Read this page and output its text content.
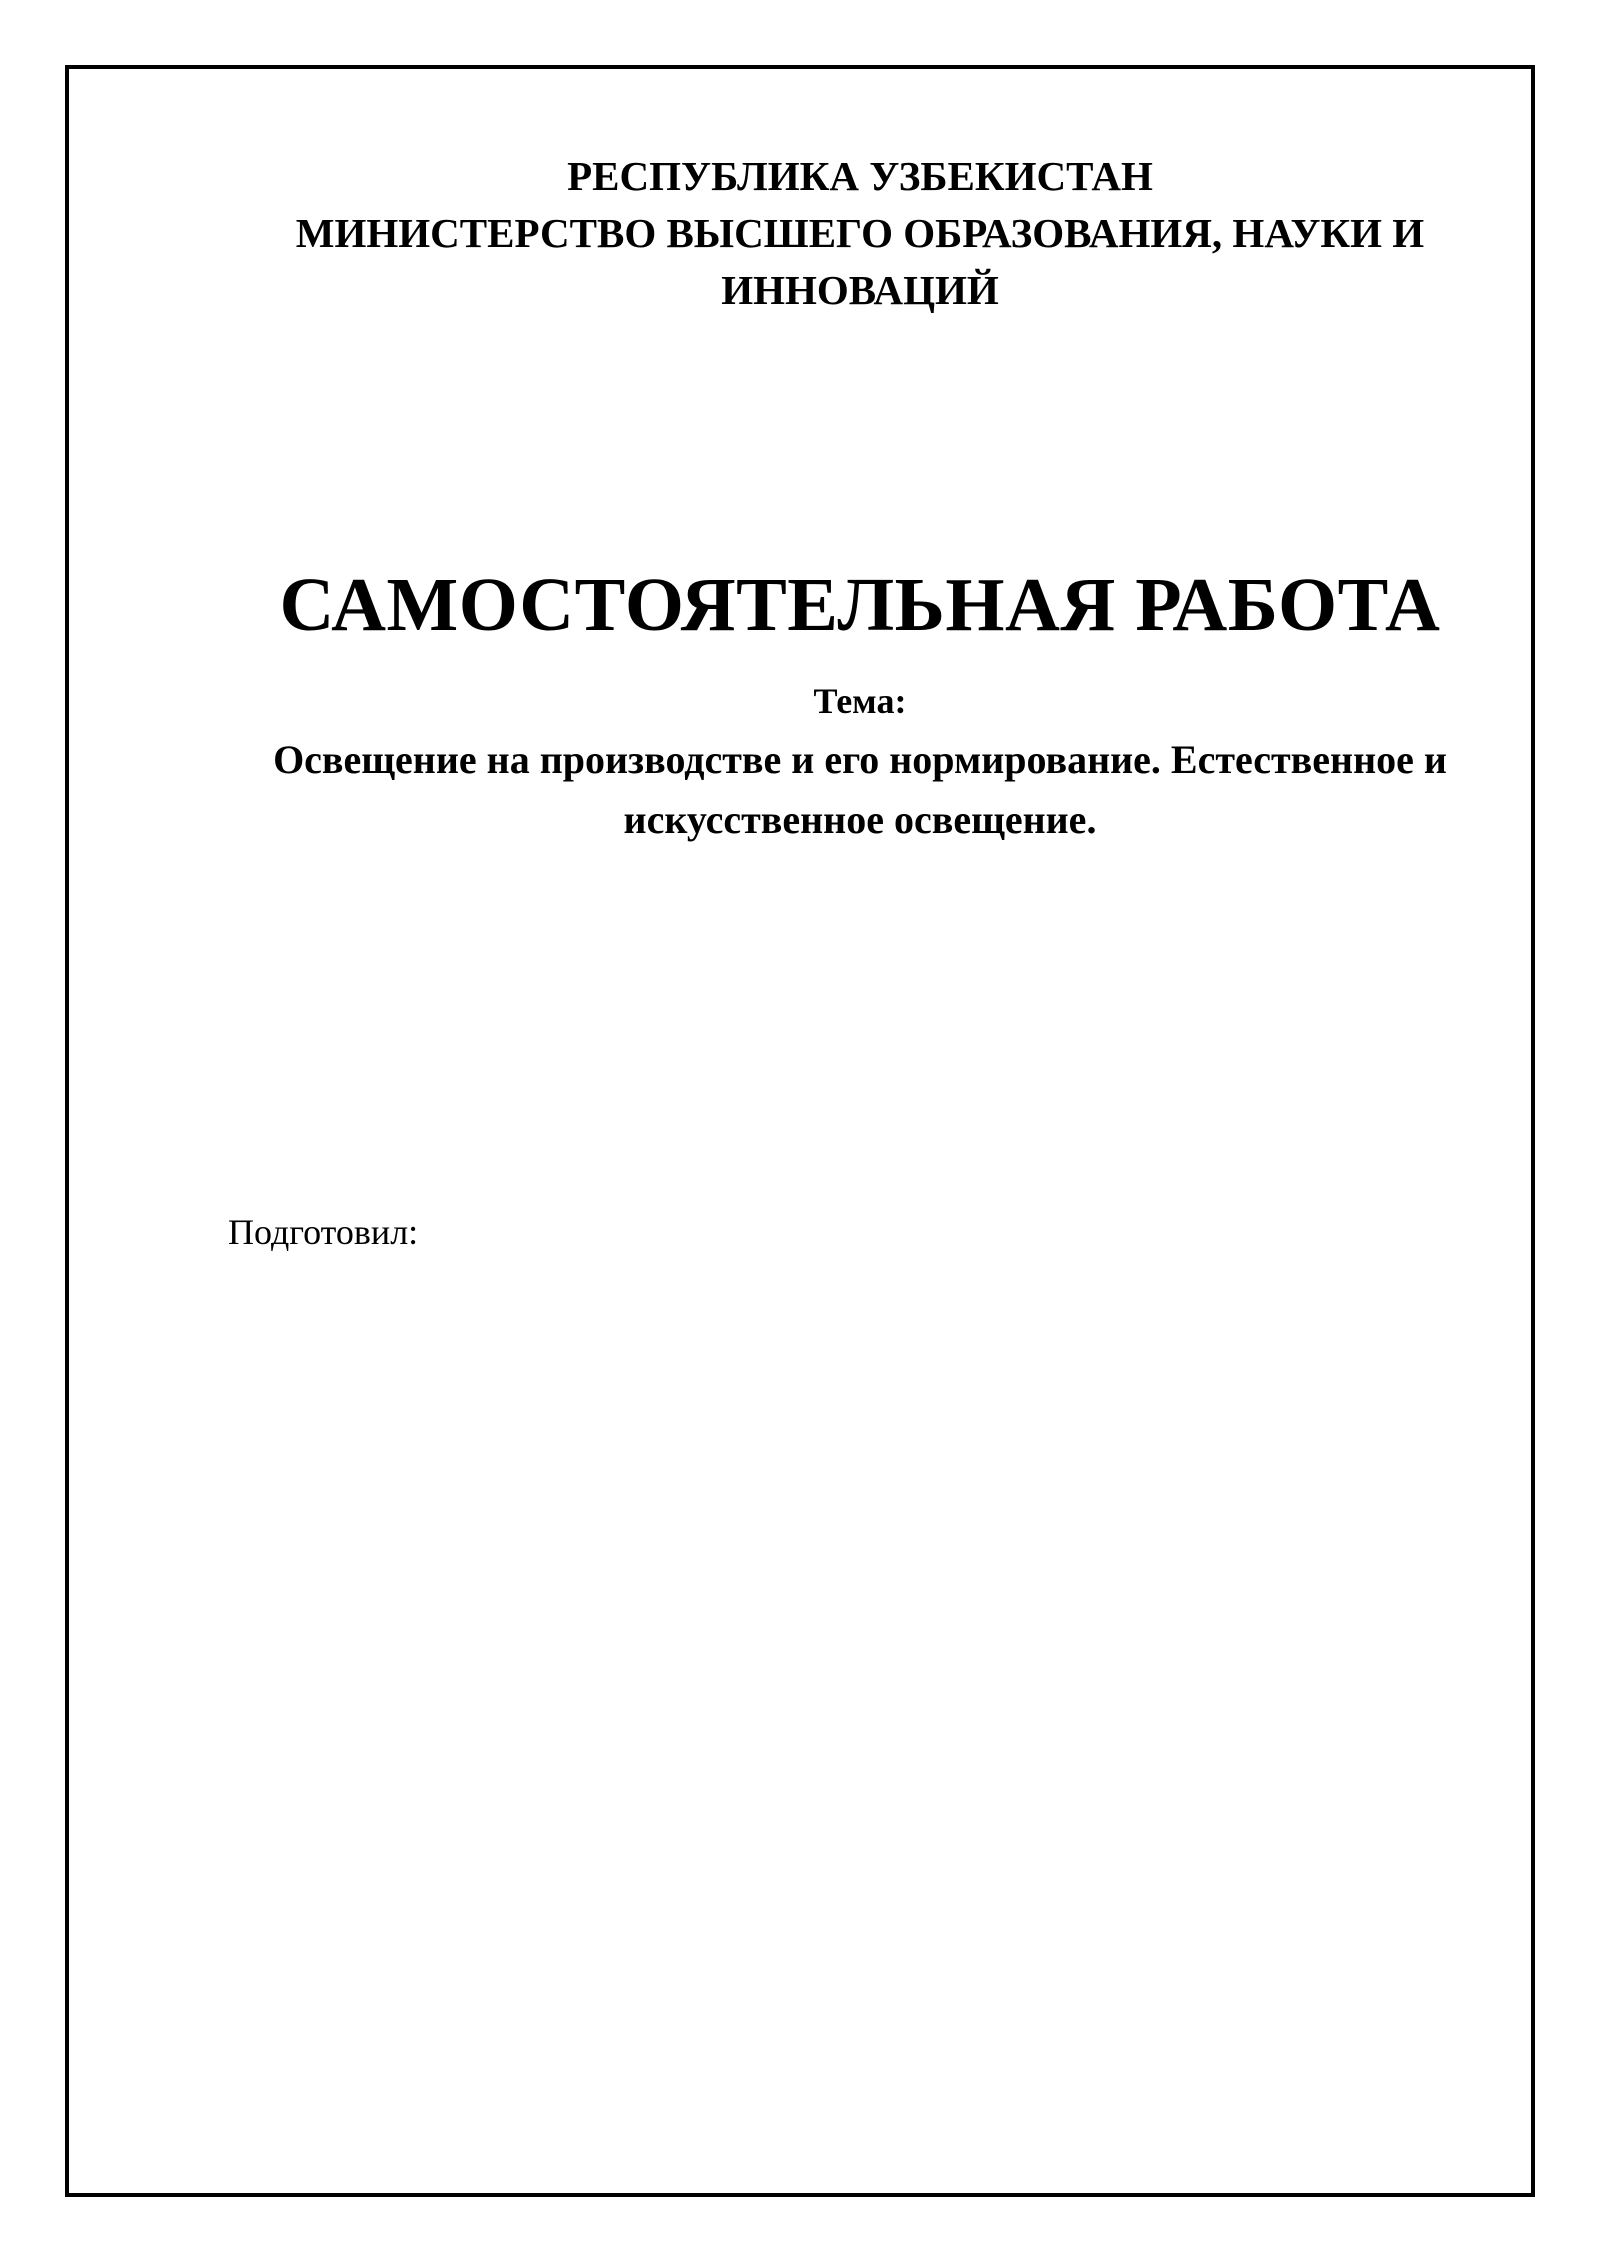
РЕСПУБЛИКА УЗБЕКИСТАН
МИНИСТЕРСТВО ВЫСШЕГО ОБРАЗОВАНИЯ, НАУКИ И
ИННОВАЦИЙ
САМОСТОЯТЕЛЬНАЯ РАБОТА
Тема:
Освещение на производстве и его нормирование. Естественное и искусственное освещение.
Подготовил:
